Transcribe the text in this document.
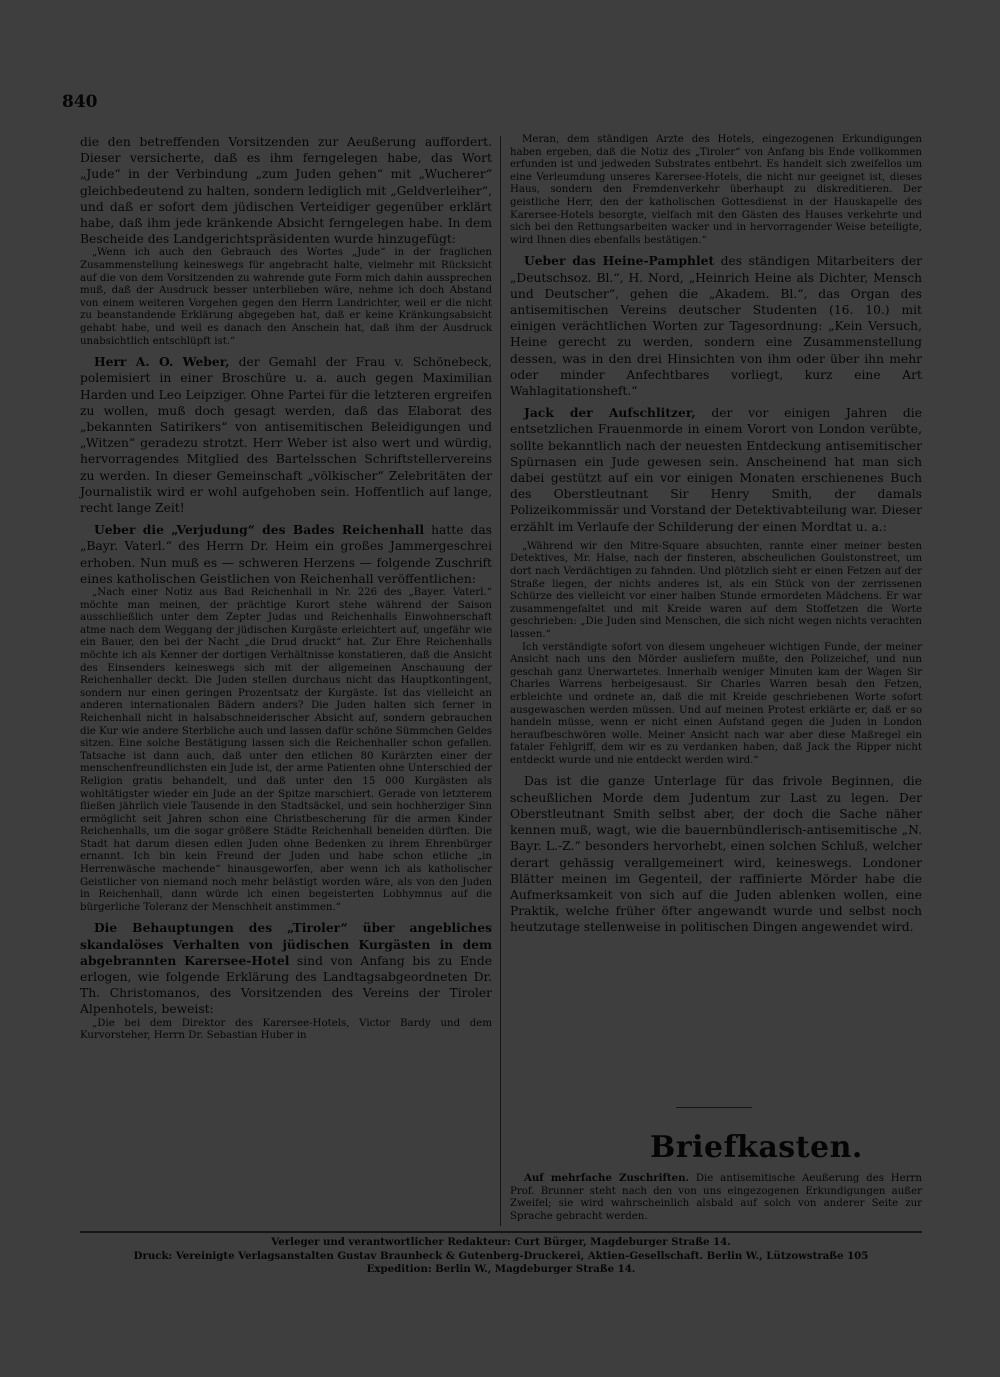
840

die den betreffenden Vorsitzenden zur Aeußerung auffordert. Dieser versicherte, daß es ihm ferngelegen habe, das Wort „Jude“ in der Verbindung „zum Juden gehen“ mit „Wucherer“ gleichbedeutend zu halten, sondern lediglich mit „Geldverleiher“, und daß er sofort dem jüdischen Verteidiger gegenüber erklärt habe, daß ihm jede kränkende Absicht ferngelegen habe. In dem Bescheide des Landgerichtspräsidenten wurde hinzugefügt:

„Wenn ich auch den Gebrauch des Wortes „Jude“ in der fraglichen Zusammenstellung keineswegs für angebracht halte, vielmehr mit Rücksicht auf die von dem Vorsitzenden zu wahrende gute Form mich dahin aussprechen muß, daß der Ausdruck besser unterblieben wäre, nehme ich doch Abstand von einem weiteren Vorgehen gegen den Herrn Landrichter, weil er die nicht zu beanstandende Erklärung abgegeben hat, daß er keine Kränkungsabsicht gehabt habe, und weil es danach den Anschein hat, daß ihm der Ausdruck unabsichtlich entschlüpft ist.“

Herr A. O. Weber, der Gemahl der Frau v. Schönebeck, polemisiert in einer Broschüre u. a. auch gegen Maximilian Harden und Leo Leipziger. Ohne Partei für die letzteren ergreifen zu wollen, muß doch gesagt werden, daß das Elaborat des „bekannten Satirikers“ von antisemitischen Beleidigungen und „Witzen“ geradezu strotzt. Herr Weber ist also wert und würdig, hervorragendes Mitglied des Bartelsschen Schriftstellervereins zu werden. In dieser Gemeinschaft „völkischer“ Zelebritäten der Journalistik wird er wohl aufgehoben sein. Hoffentlich auf lange, recht lange Zeit!

Ueber die „Verjudung“ des Bades Reichenhall hatte das „Bayr. Vaterl.“ des Herrn Dr. Heim ein großes Jammergeschrei erhoben. Nun muß es — schweren Herzens — folgende Zuschrift eines katholischen Geistlichen von Reichenhall veröffentlichen:

„Nach einer Notiz aus Bad Reichenhall in Nr. 226 des „Bayer. Vaterl.“ möchte man meinen, der prächtige Kurort stehe während der Saison ausschließlich unter dem Zepter Judas und Reichenhalls Einwohnerschaft atme nach dem Weggang der jüdischen Kurgäste erleichtert auf, ungefähr wie ein Bauer, den bei der Nacht „die Drud druckt“ hat. Zur Ehre Reichenhalls möchte ich als Kenner der dortigen Verhältnisse konstatieren, daß die Ansicht des Einsenders keineswegs sich mit der allgemeinen Anschauung der Reichenhaller deckt. Die Juden stellen durchaus nicht das Hauptkontingent, sondern nur einen geringen Prozentsatz der Kurgäste. Ist das vielleicht an anderen internationalen Bädern anders? Die Juden halten sich ferner in Reichenhall nicht in halsabschneiderischer Absicht auf, sondern gebrauchen die Kur wie andere Sterbliche auch und lassen dafür schöne Sümmchen Geldes sitzen. Eine solche Bestätigung lassen sich die Reichenhaller schon gefallen. Tatsache ist dann auch, daß unter den etlichen 80 Kurärzten einer der menschenfreundlichsten ein Jude ist, der arme Patienten ohne Unterschied der Religion gratis behandelt, und daß unter den 15 000 Kurgästen als wohltätigster wieder ein Jude an der Spitze marschiert. Gerade von letzterem fließen jährlich viele Tausende in den Stadtsäckel, und sein hochherziger Sinn ermöglicht seit Jahren schon eine Christbescherung für die armen Kinder Reichenhalls, um die sogar größere Städte Reichenhall beneiden dürften. Die Stadt hat darum diesen edlen Juden ohne Bedenken zu ihrem Ehrenbürger ernannt. Ich bin kein Freund der Juden und habe schon etliche „in Herrenwäsche machende“ hinausgeworfen, aber wenn ich als katholischer Geistlicher von niemand noch mehr belästigt worden wäre, als von den Juden in Reichenhall, dann würde ich einen begeisterten Lobhymnus auf die bürgerliche Toleranz der Menschheit anstimmen.“

Die Behauptungen des „Tiroler“ über angebliches skandalöses Verhalten von jüdischen Kurgästen in dem abgebrannten Karersee-Hotel sind von Anfang bis zu Ende erlogen, wie folgende Erklärung des Landtagsabgeordneten Dr. Th. Christomanos, des Vorsitzenden des Vereins der Tiroler Alpenhotels, beweist:

„Die bei dem Direktor des Karersee-Hotels, Victor Bardy und dem Kurvorsteher, Herrn Dr. Sebastian Huber in

Meran, dem ständigen Arzte des Hotels, eingezogenen Erkundigungen haben ergeben, daß die Notiz des „Tiroler“ von Anfang bis Ende vollkommen erfunden ist und jedweden Substrates entbehrt. Es handelt sich zweifellos um eine Verleumdung unseres Karersee-Hotels, die nicht nur geeignet ist, dieses Haus, sondern den Fremdenverkehr überhaupt zu diskreditieren. Der geistliche Herr, den der katholischen Gottesdienst in der Hauskapelle des Karersee-Hotels besorgte, vielfach mit den Gästen des Hauses verkehrte und sich bei den Rettungsarbeiten wacker und in hervorragender Weise beteiligte, wird Ihnen dies ebenfalls bestätigen.“

Ueber das Heine-Pamphlet des ständigen Mitarbeiters der „Deutschsoz. Bl.“, H. Nord, „Heinrich Heine als Dichter, Mensch und Deutscher“, gehen die „Akadem. Bl.“, das Organ des antisemitischen Vereins deutscher Studenten (16. 10.) mit einigen verächtlichen Worten zur Tagesordnung: „Kein Versuch, Heine gerecht zu werden, sondern eine Zusammenstellung dessen, was in den drei Hinsichten von ihm oder über ihn mehr oder minder Anfechtbares vorliegt, kurz eine Art Wahlagitationsheft.“

Jack der Aufschlitzer, der vor einigen Jahren die entsetzlichen Frauenmorde in einem Vorort von London verübte, sollte bekanntlich nach der neuesten Entdeckung antisemitischer Spürnasen ein Jude gewesen sein. Anscheinend hat man sich dabei gestützt auf ein vor einigen Monaten erschienenes Buch des Oberstleutnant Sir Henry Smith, der damals Polizeikommissär und Vorstand der Detektivabteilung war. Dieser erzählt im Verlaufe der Schilderung der einen Mordtat u. a.:

„Während wir den Mitre-Square absuchten, rannte einer meiner besten Detektives, Mr. Halse, nach der finsteren, abscheulichen Goulstonstreet, um dort nach Verdächtigen zu fahnden. Und plötzlich sieht er einen Fetzen auf der Straße liegen, der nichts anderes ist, als ein Stück von der zerrissenen Schürze des vielleicht vor einer halben Stunde ermordeten Mädchens. Er war zusammengefaltet und mit Kreide waren auf dem Stoffetzen die Worte geschrieben: „Die Juden sind Menschen, die sich nicht wegen nichts verachten lassen.“

Ich verständigte sofort von diesem ungeheuer wichtigen Funde, der meiner Ansicht nach uns den Mörder ausliefern mußte, den Polizeichef, und nun geschah ganz Unerwartetes. Innerhalb weniger Minuten kam der Wagen Sir Charles Warrens herbeigesaust. Sir Charles Warren besah den Fetzen, erbleichte und ordnete an, daß die mit Kreide geschriebenen Worte sofort ausgewaschen werden müssen. Und auf meinen Protest erklärte er, daß er so handeln müsse, wenn er nicht einen Aufstand gegen die Juden in London heraufbeschwören wolle. Meiner Ansicht nach war aber diese Maßregel ein fataler Fehlgriff, dem wir es zu verdanken haben, daß Jack the Ripper nicht entdeckt wurde und nie entdeckt werden wird.“

Das ist die ganze Unterlage für das frivole Beginnen, die scheußlichen Morde dem Judentum zur Last zu legen. Der Oberstleutnant Smith selbst aber, der doch die Sache näher kennen muß, wagt, wie die bauernbündlerisch-antisemitische „N. Bayr. L.-Z.“ besonders hervorhebt, einen solchen Schluß, welcher derart gehässig verallgemeinert wird, keineswegs. Londoner Blätter meinen im Gegenteil, der raffinierte Mörder habe die Aufmerksamkeit von sich auf die Juden ablenken wollen, eine Praktik, welche früher öfter angewandt wurde und selbst noch heutzutage stellenweise in politischen Dingen angewendet wird.

Briefkasten.

Auf mehrfache Zuschriften. Die antisemitische Aeußerung des Herrn Prof. Brunner steht nach den von uns eingezogenen Erkundigungen außer Zweifel; sie wird wahrscheinlich alsbald auf solch von anderer Seite zur Sprache gebracht werden.

Verleger und verantwortlicher Redakteur: Curt Bürger, Magdeburger Straße 14.
Druck: Vereinigte Verlagsanstalten Gustav Braunbeck & Gutenberg-Druckerei, Aktien-Gesellschaft. Berlin W., Lützowstraße 105
Expedition: Berlin W., Magdeburger Straße 14.
